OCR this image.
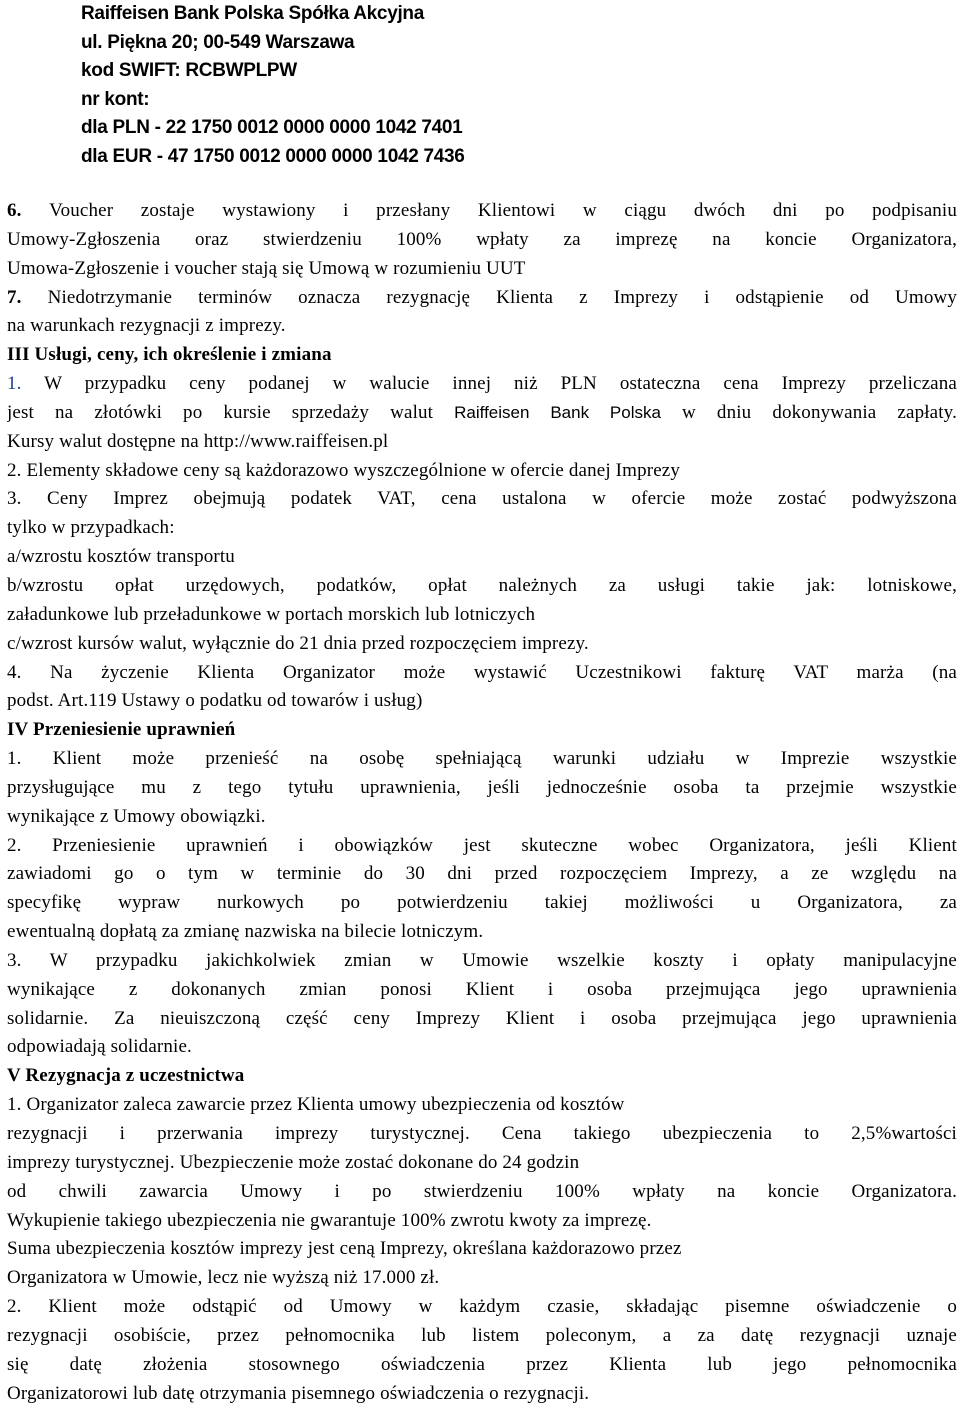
Raiffeisen Bank Polska Spółka Akcyjna
ul. Piękna 20; 00-549 Warszawa
kod SWIFT: RCBWPLPW
nr kont:
dla PLN - 22 1750 0012 0000 0000 1042 7401
dla EUR - 47 1750 0012 0000 0000 1042 7436
6. Voucher zostaje wystawiony i przesłany Klientowi w ciągu dwóch dni po podpisaniu
Umowy-Zgłoszenia oraz stwierdzeniu 100% wpłaty za imprezę na koncie Organizatora,
Umowa-Zgłoszenie i voucher stają się Umową w rozumieniu UUT
7. Niedotrzymanie terminów oznacza rezygnację Klienta z Imprezy i odstąpienie od Umowy
na warunkach rezygnacji z imprezy.
III Usługi, ceny, ich określenie i zmiana
1. W przypadku ceny podanej w walucie innej niż PLN ostateczna cena Imprezy przeliczana
jest na złotówki po kursie sprzedaży walut Raiffeisen Bank Polska w dniu dokonywania zapłaty.
Kursy walut dostępne na http://www.raiffeisen.pl
2. Elementy składowe ceny są każdorazowo wyszczególnione w ofercie danej Imprezy
3. Ceny Imprez obejmują podatek VAT, cena ustalona w ofercie może zostać podwyższona
tylko w przypadkach:
a/wzrostu kosztów transportu
b/wzrostu opłat urzędowych, podatków, opłat należnych za usługi takie jak: lotniskowe,
załadunkowe lub przeładunkowe w portach morskich lub lotniczych
c/wzrost kursów walut, wyłącznie do 21 dnia przed rozpoczęciem imprezy.
4. Na życzenie Klienta Organizator może wystawić Uczestnikowi fakturę VAT marża (na
podst. Art.119 Ustawy o podatku od towarów i usług)
IV Przeniesienie uprawnień
1. Klient może przenieść na osobę spełniającą warunki udziału w Imprezie wszystkie
przysługujące mu z tego tytułu uprawnienia, jeśli jednocześnie osoba ta przejmie wszystkie
wynikające z Umowy obowiązki.
2. Przeniesienie uprawnień i obowiązków jest skuteczne wobec Organizatora, jeśli Klient
zawiadomi go o tym w terminie do 30 dni przed rozpoczęciem Imprezy, a ze względu na
specyfikę wypraw nurkowych po potwierdzeniu takiej możliwości u Organizatora, za
ewentualną dopłatą za zmianę nazwiska na bilecie lotniczym.
3. W przypadku jakichkolwiek zmian w Umowie wszelkie koszty i opłaty manipulacyjne
wynikające z dokonanych zmian ponosi Klient i osoba przejmująca jego uprawnienia
solidarnie. Za nieuiszczoną część ceny Imprezy Klient i osoba przejmująca jego uprawnienia
odpowiadają solidarnie.
V Rezygnacja z uczestnictwa
1. Organizator zaleca zawarcie przez Klienta umowy ubezpieczenia od kosztów
rezygnacji i przerwania imprezy turystycznej. Cena takiego ubezpieczenia to 2,5%wartości
imprezy turystycznej. Ubezpieczenie może zostać dokonane do 24 godzin
od chwili zawarcia Umowy i po stwierdzeniu 100% wpłaty na koncie Organizatora.
Wykupienie takiego ubezpieczenia nie gwarantuje 100% zwrotu kwoty za imprezę.
Suma ubezpieczenia kosztów imprezy jest ceną Imprezy, określana każdorazowo przez
Organizatora w Umowie, lecz nie wyższą niż 17.000 zł.
2. Klient może odstąpić od Umowy w każdym czasie, składając pisemne oświadczenie o
rezygnacji osobiście, przez pełnomocnika lub listem poleconym, a za datę rezygnacji uznaje
się datę złożenia stosownego oświadczenia przez Klienta lub jego pełnomocnika
Organizatorowi lub datę otrzymania pisemnego oświadczenia o rezygnacji.
